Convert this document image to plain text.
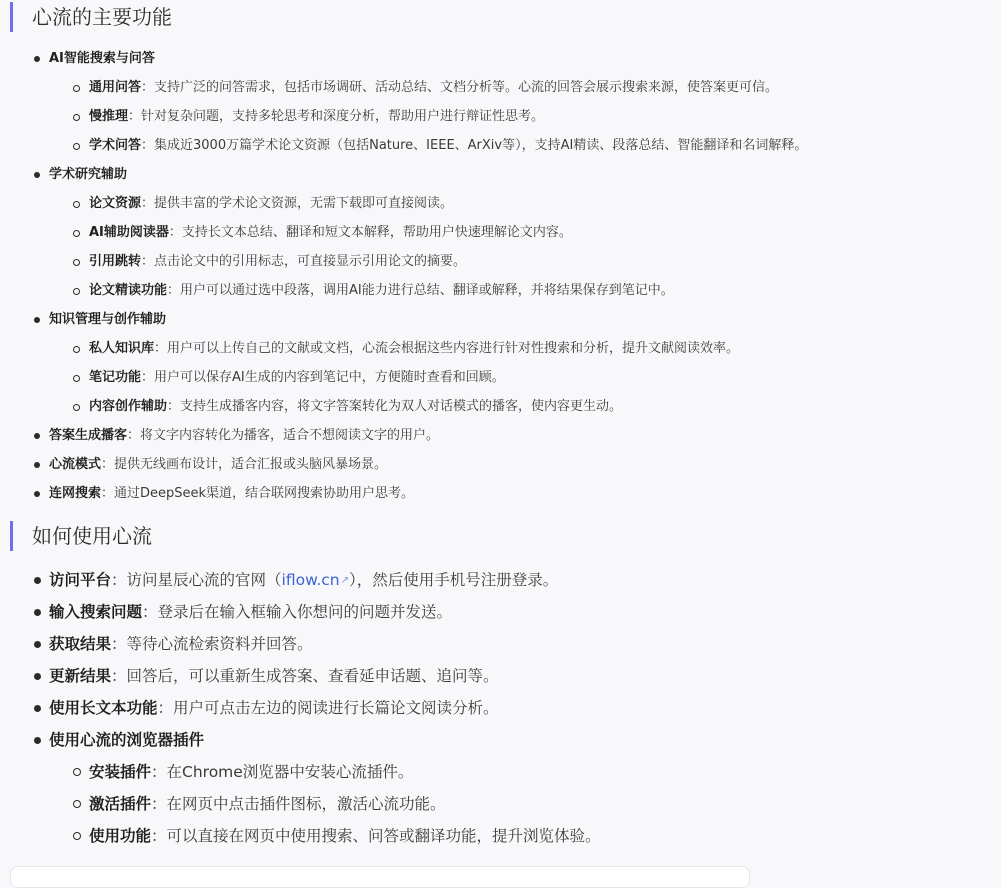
心流的主要功能
AI智能搜索与问答
通用问答：支持广泛的问答需求，包括市场调研、活动总结、文档分析等。心流的回答会展示搜索来源，使答案更可信。
慢推理：针对复杂问题，支持多轮思考和深度分析，帮助用户进行辩证性思考。
学术问答：集成近3000万篇学术论文资源（包括Nature、IEEE、ArXiv等），支持AI精读、段落总结、智能翻译和名词解释。
学术研究辅助
论文资源：提供丰富的学术论文资源，无需下载即可直接阅读。
AI辅助阅读器：支持长文本总结、翻译和短文本解释，帮助用户快速理解论文内容。
引用跳转：点击论文中的引用标志，可直接显示引用论文的摘要。
论文精读功能：用户可以通过选中段落，调用AI能力进行总结、翻译或解释，并将结果保存到笔记中。
知识管理与创作辅助
私人知识库：用户可以上传自己的文献或文档，心流会根据这些内容进行针对性搜索和分析，提升文献阅读效率。
笔记功能：用户可以保存AI生成的内容到笔记中，方便随时查看和回顾。
内容创作辅助：支持生成播客内容，将文字答案转化为双人对话模式的播客，使内容更生动。
答案生成播客：将文字内容转化为播客，适合不想阅读文字的用户。
心流模式：提供无线画布设计，适合汇报或头脑风暴场景。
连网搜索：通过DeepSeek渠道，结合联网搜索协助用户思考。
如何使用心流
访问平台：访问星辰心流的官网（iflow.cn↗），然后使用手机号注册登录。
输入搜索问题：登录后在输入框输入你想问的问题并发送。
获取结果：等待心流检索资料并回答。
更新结果：回答后，可以重新生成答案、查看延申话题、追问等。
使用长文本功能：用户可点击左边的阅读进行长篇论文阅读分析。
使用心流的浏览器插件
安装插件：在Chrome浏览器中安装心流插件。
激活插件：在网页中点击插件图标，激活心流功能。
使用功能：可以直接在网页中使用搜索、问答或翻译功能，提升浏览体验。
